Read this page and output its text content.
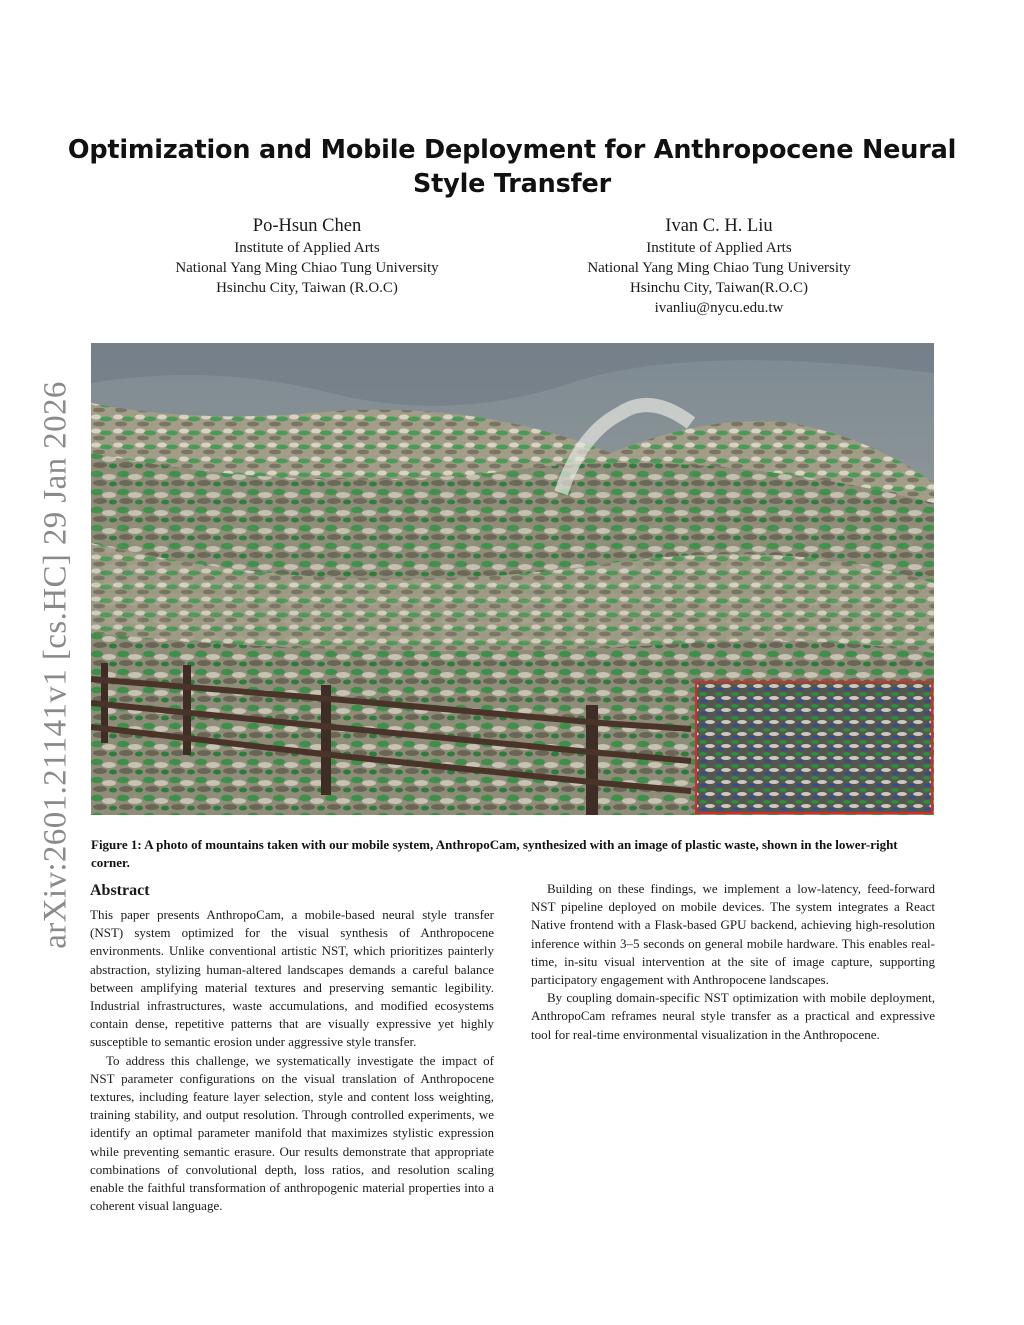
Optimization and Mobile Deployment for Anthropocene Neural Style Transfer
Po-Hsun Chen
Institute of Applied Arts
National Yang Ming Chiao Tung University
Hsinchu City, Taiwan (R.O.C)
Ivan C. H. Liu
Institute of Applied Arts
National Yang Ming Chiao Tung University
Hsinchu City, Taiwan(R.O.C)
ivanliu@nycu.edu.tw
arXiv:2601.21141v1 [cs.HC] 29 Jan 2026 Figure 1: A photo of mountains taken with our mobile system, AnthropoCam, synthesized with an image of plastic waste, shown in the lower-right corner.
Abstract

This paper presents AnthropoCam, a mobile-based neural style transfer (NST) system optimized for the visual synthesis of Anthropocene environments. Unlike conventional artistic NST, which prioritizes painterly abstraction, stylizing human-altered landscapes demands a careful balance between amplifying material textures and preserving semantic legibility. Industrial infrastructures, waste accumulations, and modified ecosystems contain dense, repetitive patterns that are visually expressive yet highly susceptible to semantic erosion under aggressive style transfer.

To address this challenge, we systematically investigate the impact of NST parameter configurations on the visual translation of Anthropocene textures, including feature layer selection, style and content loss weighting, training stability, and output resolution. Through controlled experiments, we identify an optimal parameter manifold that maximizes stylistic expression while preventing semantic erasure. Our results demonstrate that appropriate combinations of convolutional depth, loss ratios, and resolution scaling enable the faithful transformation of anthropogenic material properties into a coherent visual language.

Building on these findings, we implement a low-latency, feed-forward NST pipeline deployed on mobile devices. The system integrates a React Native frontend with a Flask-based GPU backend, achieving high-resolution inference within 3–5 seconds on general mobile hardware. This enables real-time, in-situ visual intervention at the site of image capture, supporting participatory engagement with Anthropocene landscapes.

By coupling domain-specific NST optimization with mobile deployment, AnthropoCam reframes neural style transfer as a practical and expressive tool for real-time environmental visualization in the Anthropocene.
